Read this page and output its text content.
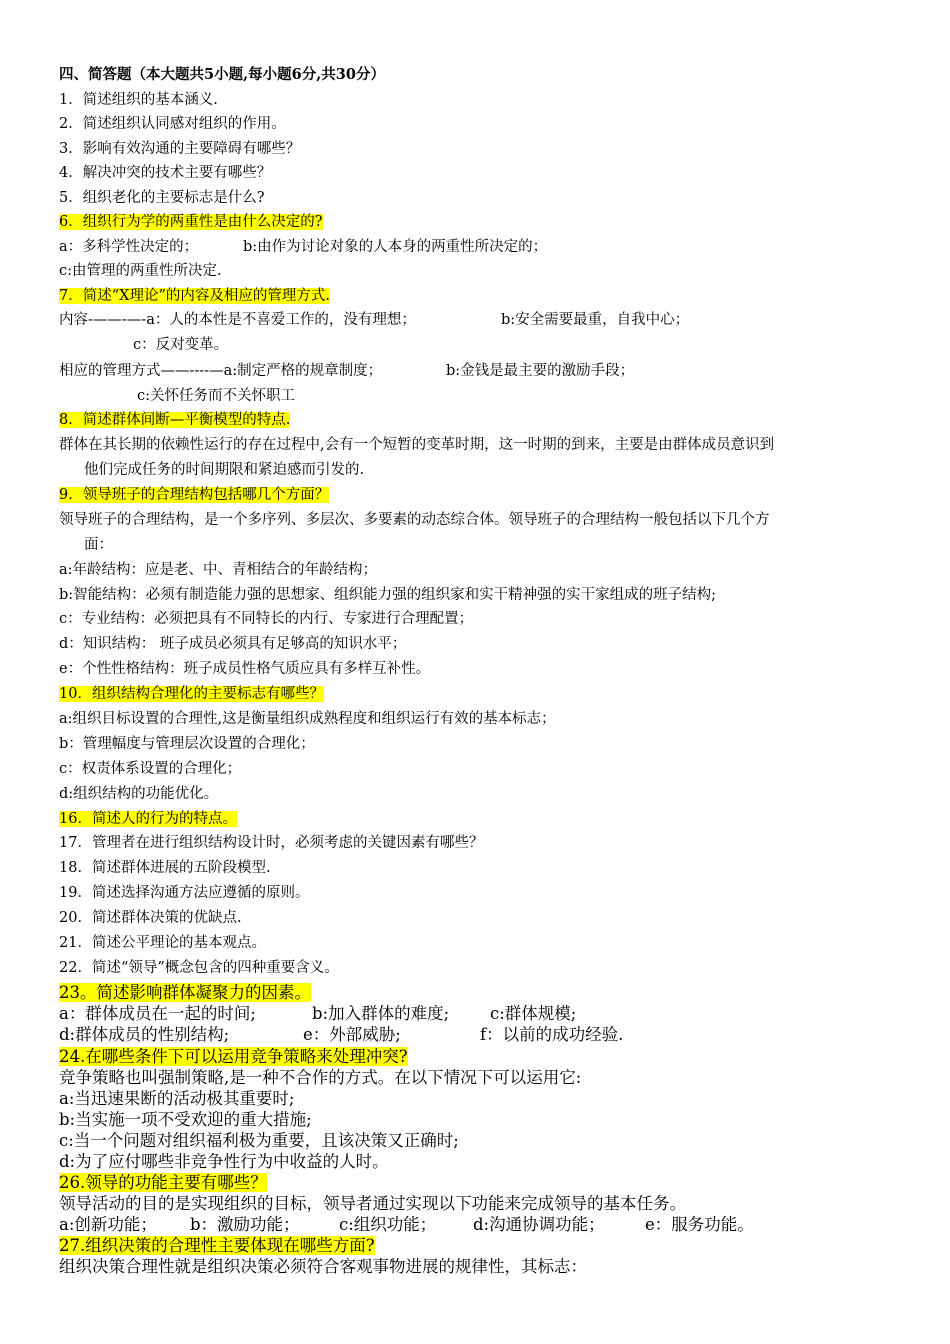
四、简答题（本大题共5小题,每小题6分,共30分）
1．简述组织的基本涵义.
2．简述组织认同感对组织的作用。
3．影响有效沟通的主要障碍有哪些？
4．解决冲突的技术主要有哪些？
5．组织老化的主要标志是什么?
6．组织行为学的两重性是由什么决定的?
a：多科学性决定的；	b:由作为讨论对象的人本身的两重性所决定的；
c:由管理的两重性所决定.
7．简述“X理论”的内容及相应的管理方式.
内容-——-—-a：人的本性是不喜爱工作的，没有理想；	b:安全需要最重，自我中心；
c：反对变革。
相应的管理方式——----—a:制定严格的规章制度；	b:金钱是最主要的激励手段；
c:关怀任务而不关怀职工
8．简述群体间断—平衡模型的特点.
群体在其长期的依赖性运行的存在过程中,会有一个短暂的变革时期，这一时期的到来，主要是由群体成员意识到
他们完成任务的时间期限和紧迫感而引发的.
9．领导班子的合理结构包括哪几个方面？
领导班子的合理结构，是一个多序列、多层次、多要素的动态综合体。领导班子的合理结构一般包括以下几个方
面：
a:年龄结构：应是老、中、青相结合的年龄结构；
b:智能结构：必须有制造能力强的思想家、组织能力强的组织家和实干精神强的实干家组成的班子结构;
c：专业结构：必须把具有不同特长的内行、专家进行合理配置；
d：知识结构： 班子成员必须具有足够高的知识水平；
e：个性性格结构：班子成员性格气质应具有多样互补性。
10．组织结构合理化的主要标志有哪些？
a:组织目标设置的合理性,这是衡量组织成熟程度和组织运行有效的基本标志；
b：管理幅度与管理层次设置的合理化；
c：权责体系设置的合理化；
d:组织结构的功能优化。
16．简述人的行为的特点。
17．管理者在进行组织结构设计时，必须考虑的关键因素有哪些？
18．简述群体进展的五阶段模型.
19．简述选择沟通方法应遵循的原则。
20．简述群体决策的优缺点.
21．简述公平理论的基本观点。
22．简述“领导”概念包含的四种重要含义。
23。简述影响群体凝聚力的因素。
a：群体成员在一起的时间;	b:加入群体的难度; c:群体规模;
d:群体成员的性别结构;	e：外部威胁;	f：以前的成功经验.
24.在哪些条件下可以运用竞争策略来处理冲突?
竞争策略也叫强制策略,是一种不合作的方式。在以下情况下可以运用它:
a:当迅速果断的活动极其重要时;
b:当实施一项不受欢迎的重大措施;
c:当一个问题对组织福利极为重要，且该决策又正确时;
d:为了应付哪些非竞争性行为中收益的人时。
26.领导的功能主要有哪些？
领导活动的目的是实现组织的目标，领导者通过实现以下功能来完成领导的基本任务。
a:创新功能； b：激励功能； c:组织功能； d:沟通协调功能； e：服务功能。
27.组织决策的合理性主要体现在哪些方面?
组织决策合理性就是组织决策必须符合客观事物进展的规律性，其标志：
